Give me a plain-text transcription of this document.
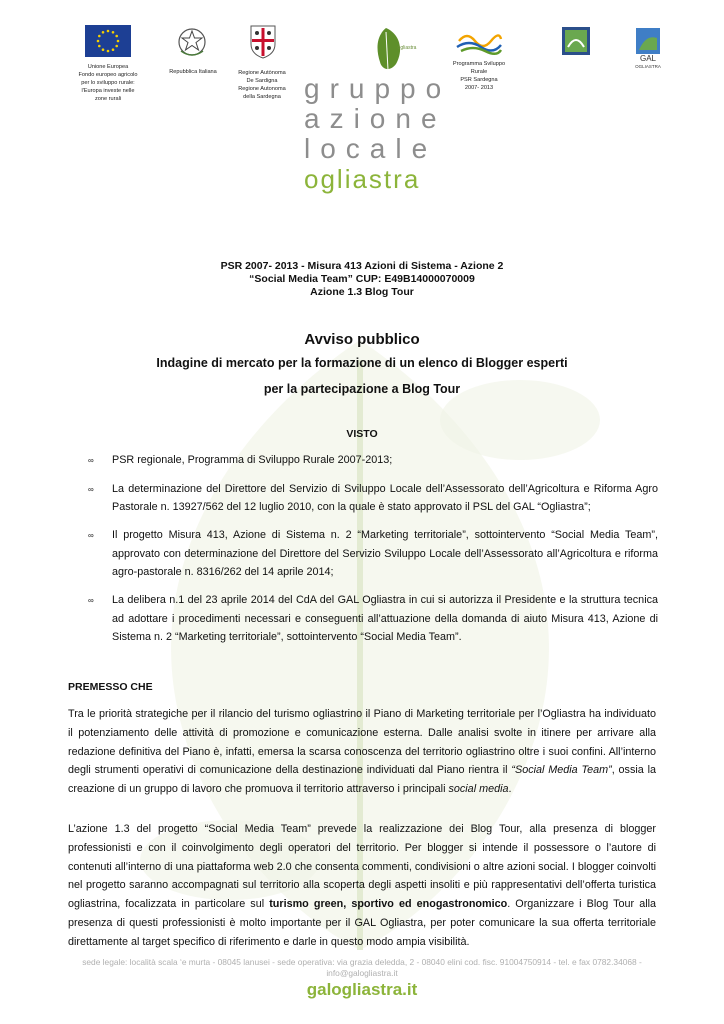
Unione Europea
Fondo europeo agricolo
per lo sviluppo rurale:
l'Europa investe nelle
zone rurali
Repubblica Italiana	Regione Autònoma
De Sardigna
Regione Autonoma
della Sardegna
ogliastra
Programma Sviluppo
Rurale
PSR Sardegna
2007- 2013
GAL
OGLIASTRA
gruppo
azione
locale
ogliastra
PSR 2007- 2013 - Misura 413 Azioni di Sistema - Azione 2
“Social Media Team” CUP: E49B14000070009
Azione 1.3 Blog Tour
Avviso pubblico
Indagine di mercato per la formazione di un elenco di Blogger esperti
per la partecipazione a Blog Tour
VISTO
∞	PSR regionale, Programma di Sviluppo Rurale 2007-2013;
∞	La determinazione del Direttore del Servizio di Sviluppo Locale dell’Assessorato dell’Agricoltura e Riforma Agro Pastorale n. 13927/562 del 12 luglio 2010, con la quale è stato approvato il PSL del GAL “Ogliastra”;
∞	Il progetto Misura 413, Azione di Sistema n. 2 “Marketing territoriale”, sottointervento “Social Media Team”, approvato con determinazione del Direttore del Servizio Sviluppo Locale dell’Assessorato all’Agricoltura e riforma agro-pastorale n. 8316/262 del 14 aprile 2014;
∞	La delibera n.1 del 23 aprile 2014 del CdA del GAL Ogliastra in cui si autorizza il Presidente e la struttura tecnica ad adottare i procedimenti necessari e conseguenti all’attuazione della domanda di aiuto Misura 413, Azione di Sistema n. 2 “Marketing territoriale”, sottointervento “Social Media Team”.
PREMESSO CHE
Tra le priorità strategiche per il rilancio del turismo ogliastrino il Piano di Marketing territoriale per l’Ogliastra ha individuato il potenziamento delle attività di promozione e comunicazione esterna. Dalle analisi svolte in itinere per arrivare alla redazione definitiva del Piano è, infatti, emersa la scarsa conoscenza del territorio ogliastrino oltre i suoi confini. All’interno degli strumenti operativi di comunicazione della destinazione individuati dal Piano rientra il “Social Media Team”, ossia la creazione di un gruppo di lavoro che promuova il territorio attraverso i principali social media.
L’azione 1.3 del progetto “Social Media Team” prevede la realizzazione dei Blog Tour, alla presenza di blogger professionisti e con il coinvolgimento degli operatori del territorio. Per blogger si intende il possessore o l’autore di contenuti all’interno di una piattaforma web 2.0 che consenta commenti, condivisioni o altre azioni social. I blogger coinvolti nel progetto saranno accompagnati sul territorio alla scoperta degli aspetti insoliti e più rappresentativi dell’offerta turistica ogliastrina, focalizzata in particolare sul turismo green, sportivo ed enogastronomico. Organizzare i Blog Tour alla presenza di questi professionisti è molto importante per il GAL Ogliastra, per poter comunicare la sua offerta territoriale direttamente al target specifico di riferimento e darle in questo modo ampia visibilità.
sede legale: località scala ‘e murta - 08045 lanusei - sede operativa: via grazia deledda, 2 - 08040 elini cod. fisc. 91004750914 - tel. e fax 0782.34068 - info@galogliastra.it
galogliastra.it
